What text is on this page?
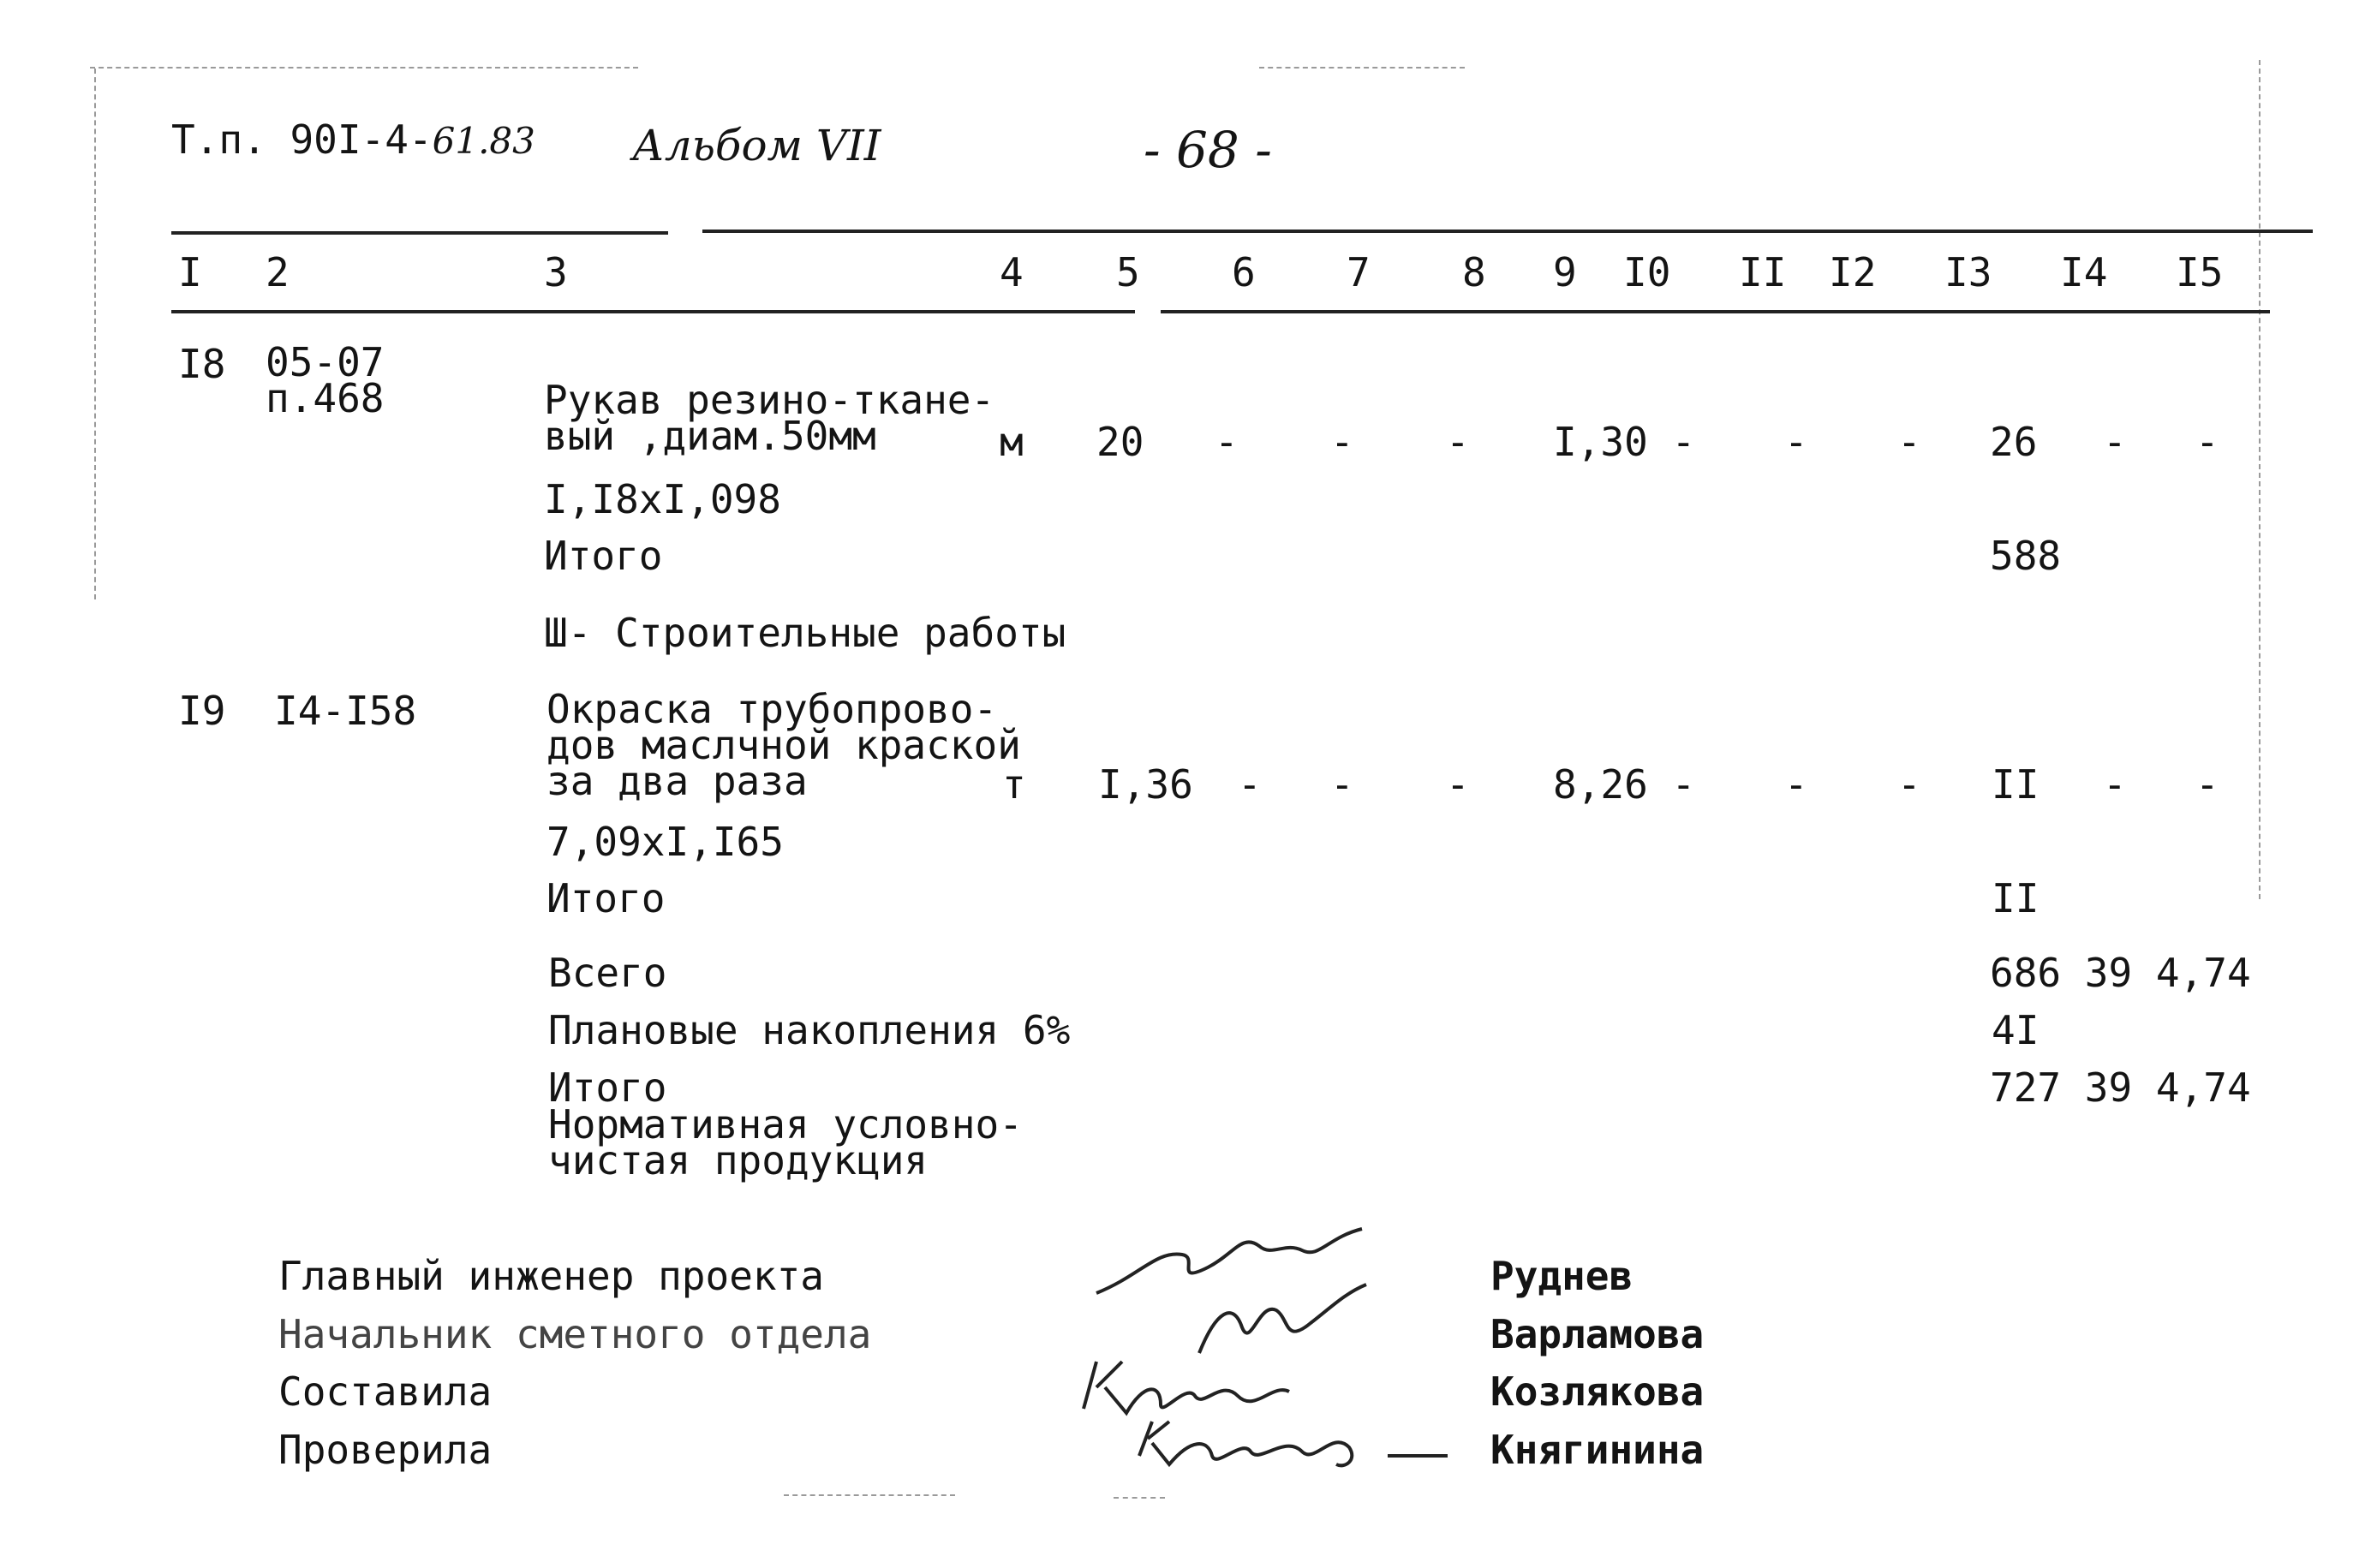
Т.п. 90I-4-61.83 Альбом VII	- 68 -
I 2	3	4 5 6 7 8 9 I0 II I2 I3 I4 I5
I8 05-07
п.468	Рукав резино-ткане-
вый ,диам.50мм	м 20 - - - I,30 - - - 26 - -
I,I8хI,098
Итого	588
Ш- Строительные работы
I9 I4-I58	Окраска трубопрово-
дов маслчной краской
за два раза	т I,36 - - - 8,26 - - - II - -
7,09хI,I65
Итого	II
Всего	686 39 4,74
Плановые накопления 6%	4I
Итого	727 39 4,74
Нормативная условно-
чистая продукция
Главный инженер проекта
Начальник сметного отдела
Составила
Проверила
Руднев
Варламова
Козлякова
Княгинина
